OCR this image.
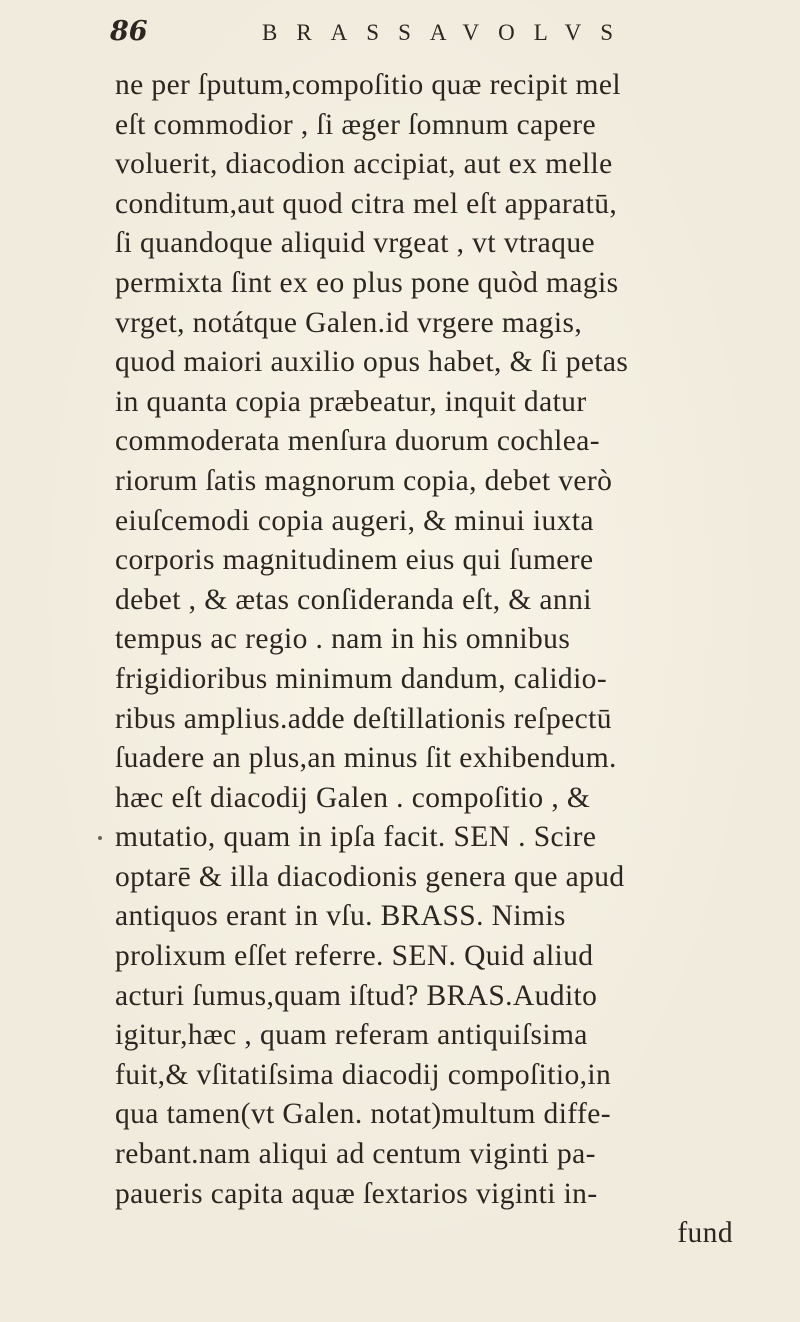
86	BRASSAVOLVS
ne per ſputum,compoſitio quæ recipit mel
eſt commodior , ſi æger ſomnum capere
voluerit, diacodion accipiat, aut ex melle
conditum,aut quod citra mel eſt apparatū,
ſi quandoque aliquid vrgeat , vt vtraque
permixta ſint ex eo plus pone quòd magis
vrget, notátque Galen.id vrgere magis,
quod maiori auxilio opus habet, & ſi petas
in quanta copia præbeatur, inquit datur
commoderata menſura duorum cochlea-
riorum ſatis magnorum copia, debet verò
eiuſcemodi copia augeri, & minui iuxta
corporis magnitudinem eius qui ſumere
debet , & ætas conſideranda eſt, & anni
tempus ac regio . nam in his omnibus
frigidioribus minimum dandum, calidio-
ribus amplius.adde deſtillationis reſpectū
ſuadere an plus,an minus ſit exhibendum.
hæc eſt diacodij Galen . compoſitio , &
mutatio, quam in ipſa facit. SEN . Scire
optarē & illa diacodionis genera que apud
antiquos erant in vſu. BRASS. Nimis
prolixum eſſet referre. SEN. Quid aliud
acturi ſumus,quam iſtud? BRAS.Audito
igitur,hæc , quam referam antiquiſsima
fuit,& vſitatiſsima diacodij compoſitio,in
qua tamen(vt Galen. notat)multum diffe-
rebant.nam aliqui ad centum viginti pa-
paueris capita aquæ ſextarios viginti in-
fund
